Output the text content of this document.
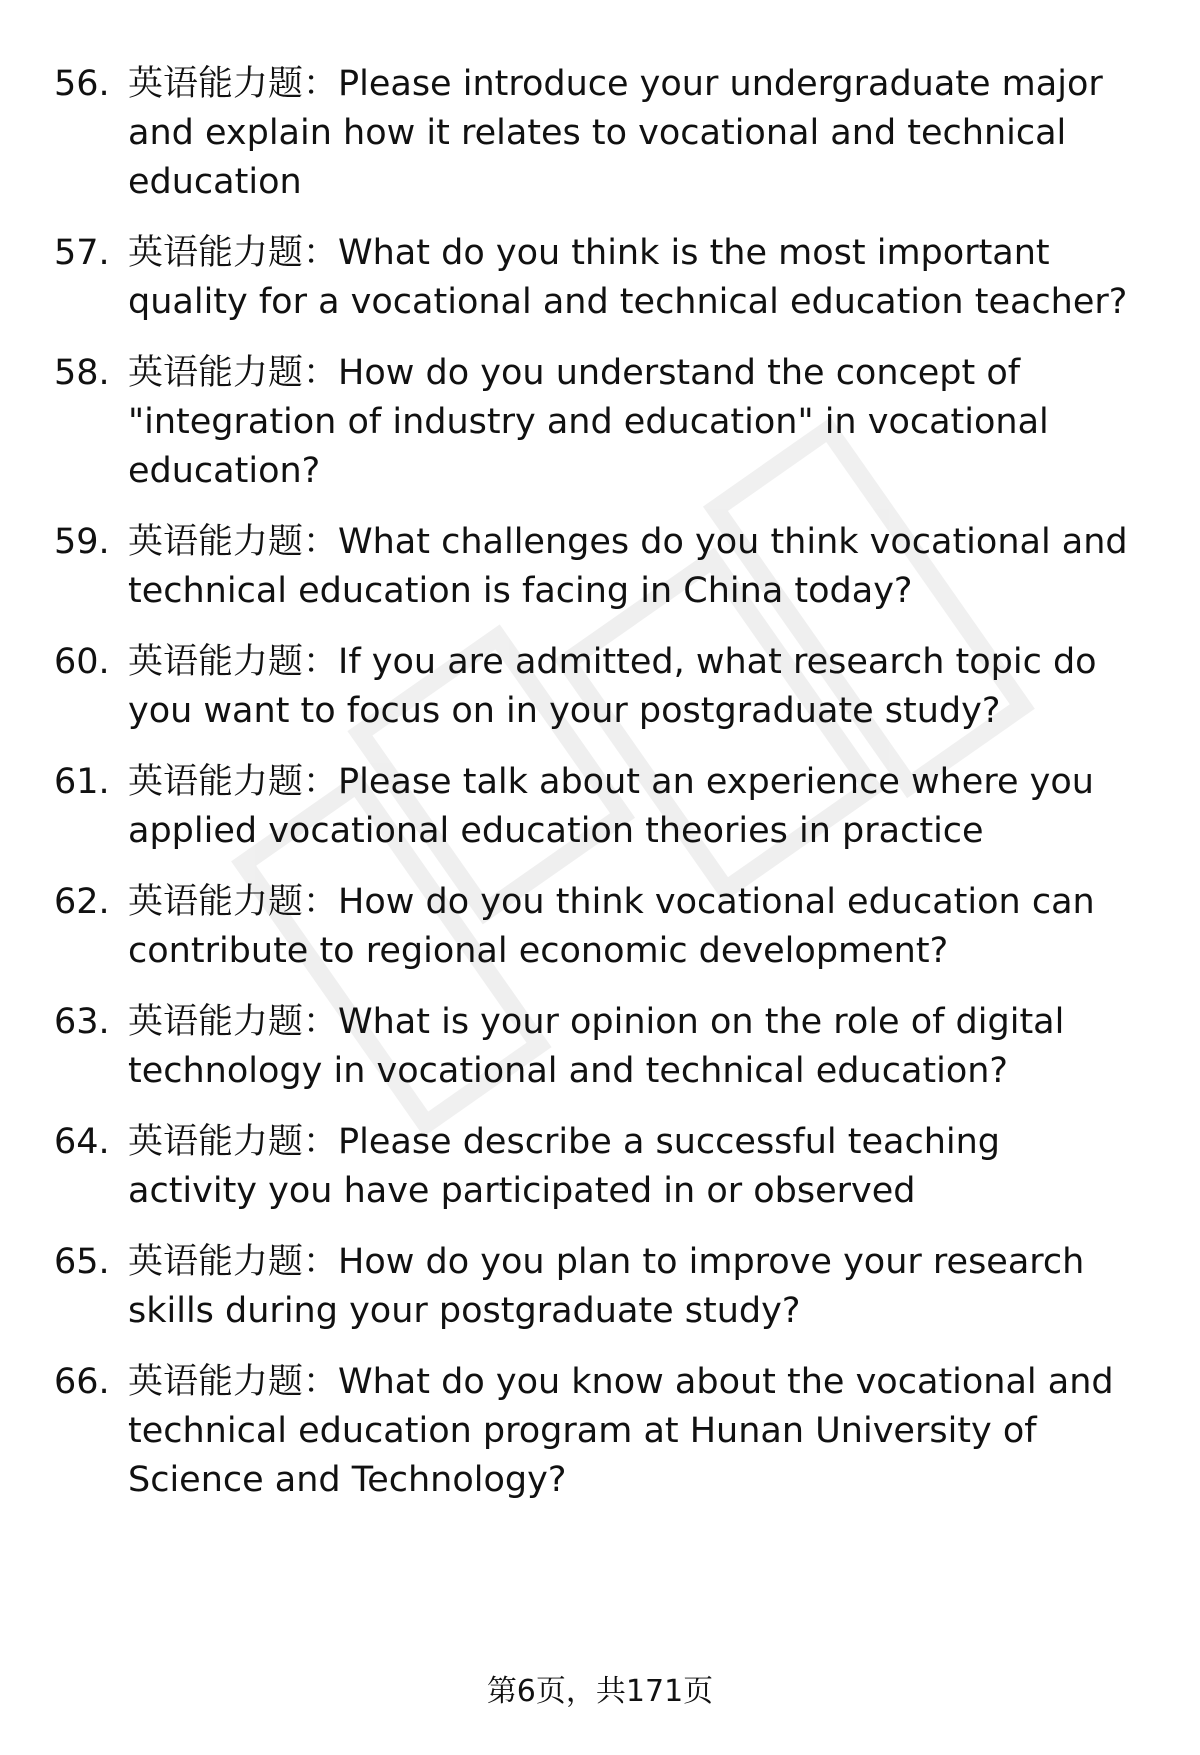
56. 英语能力题：Please introduce your undergraduate major and explain how it relates to vocational and technical education
57. 英语能力题：What do you think is the most important quality for a vocational and technical education teacher?
58. 英语能力题：How do you understand the concept of "integration of industry and education" in vocational education?
59. 英语能力题：What challenges do you think vocational and technical education is facing in China today?
60. 英语能力题：If you are admitted, what research topic do you want to focus on in your postgraduate study?
61. 英语能力题：Please talk about an experience where you applied vocational education theories in practice
62. 英语能力题：How do you think vocational education can contribute to regional economic development?
63. 英语能力题：What is your opinion on the role of digital technology in vocational and technical education?
64. 英语能力题：Please describe a successful teaching activity you have participated in or observed
65. 英语能力题：How do you plan to improve your research skills during your postgraduate study?
66. 英语能力题：What do you know about the vocational and technical education program at Hunan University of Science and Technology?
第6页，共171页
